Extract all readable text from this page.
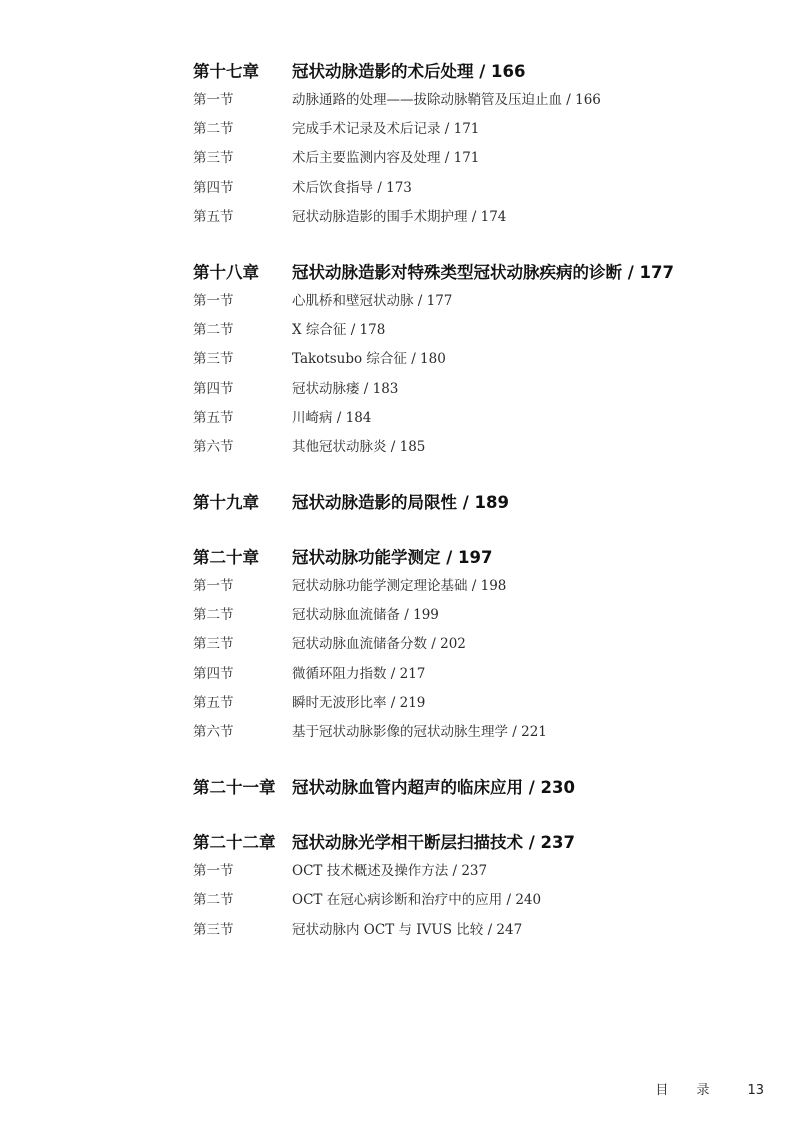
第十七章	冠状动脉造影的术后处理 / 166
第一节	动脉通路的处理——拔除动脉鞘管及压迫止血 / 166
第二节	完成手术记录及术后记录 / 171
第三节	术后主要监测内容及处理 / 171
第四节	术后饮食指导 / 173
第五节	冠状动脉造影的围手术期护理 / 174
第十八章	冠状动脉造影对特殊类型冠状动脉疾病的诊断 / 177
第一节	心肌桥和壁冠状动脉 / 177
第二节	X 综合征 / 178
第三节	Takotsubo 综合征 / 180
第四节	冠状动脉瘘 / 183
第五节	川崎病 / 184
第六节	其他冠状动脉炎 / 185
第十九章	冠状动脉造影的局限性 / 189
第二十章	冠状动脉功能学测定 / 197
第一节	冠状动脉功能学测定理论基础 / 198
第二节	冠状动脉血流储备 / 199
第三节	冠状动脉血流储备分数 / 202
第四节	微循环阻力指数 / 217
第五节	瞬时无波形比率 / 219
第六节	基于冠状动脉影像的冠状动脉生理学 / 221
第二十一章	冠状动脉血管内超声的临床应用 / 230
第二十二章	冠状动脉光学相干断层扫描技术 / 237
第一节	OCT 技术概述及操作方法 / 237
第二节	OCT 在冠心病诊断和治疗中的应用 / 240
第三节	冠状动脉内 OCT 与 IVUS 比较 / 247
目 录 13
